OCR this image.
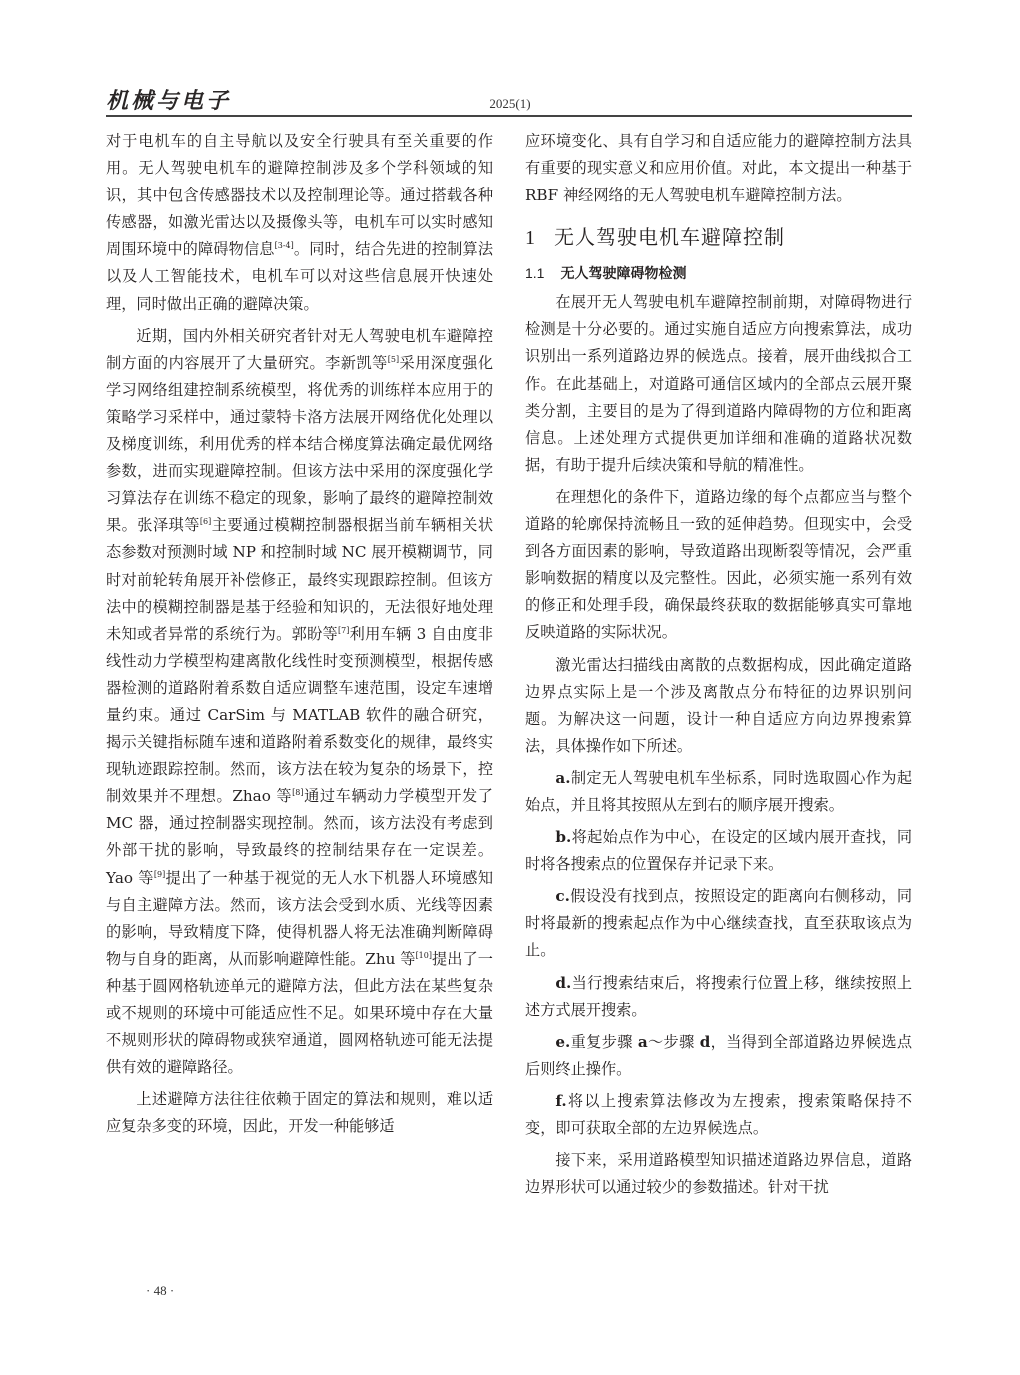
机械与电子	2025(1)

对于电机车的自主导航以及安全行驶具有至关重要的作用。无人驾驶电机车的避障控制涉及多个学科领域的知识，其中包含传感器技术以及控制理论等。通过搭载各种传感器，如激光雷达以及摄像头等，电机车可以实时感知周围环境中的障碍物信息[3-4]。同时，结合先进的控制算法以及人工智能技术，电机车可以对这些信息展开快速处理，同时做出正确的避障决策。

近期，国内外相关研究者针对无人驾驶电机车避障控制方面的内容展开了大量研究。李新凯等[5]采用深度强化学习网络组建控制系统模型，将优秀的训练样本应用于的策略学习采样中，通过蒙特卡洛方法展开网络优化处理以及梯度训练，利用优秀的样本结合梯度算法确定最优网络参数，进而实现避障控制。但该方法中采用的深度强化学习算法存在训练不稳定的现象，影响了最终的避障控制效果。张泽琪等[6]主要通过模糊控制器根据当前车辆相关状态参数对预测时域 NP 和控制时域 NC 展开模糊调节，同时对前轮转角展开补偿修正，最终实现跟踪控制。但该方法中的模糊控制器是基于经验和知识的，无法很好地处理未知或者异常的系统行为。郭盼等[7]利用车辆 3 自由度非线性动力学模型构建离散化线性时变预测模型，根据传感器检测的道路附着系数自适应调整车速范围，设定车速增量约束。通过 CarSim 与 MATLAB 软件的融合研究，揭示关键指标随车速和道路附着系数变化的规律，最终实现轨迹跟踪控制。然而，该方法在较为复杂的场景下，控制效果并不理想。Zhao 等[8]通过车辆动力学模型开发了 MC 器，通过控制器实现控制。然而，该方法没有考虑到外部干扰的影响，导致最终的控制结果存在一定误差。Yao 等[9]提出了一种基于视觉的无人水下机器人环境感知与自主避障方法。然而，该方法会受到水质、光线等因素的影响，导致精度下降，使得机器人将无法准确判断障碍物与自身的距离，从而影响避障性能。Zhu 等[10]提出了一种基于圆网格轨迹单元的避障方法，但此方法在某些复杂或不规则的环境中可能适应性不足。如果环境中存在大量不规则形状的障碍物或狭窄通道，圆网格轨迹可能无法提供有效的避障路径。

上述避障方法往往依赖于固定的算法和规则，难以适应复杂多变的环境，因此，开发一种能够适

应环境变化、具有自学习和自适应能力的避障控制方法具有重要的现实意义和应用价值。对此，本文提出一种基于 RBF 神经网络的无人驾驶电机车避障控制方法。

1 无人驾驶电机车避障控制
1.1 无人驾驶障碍物检测

在展开无人驾驶电机车避障控制前期，对障碍物进行检测是十分必要的。通过实施自适应方向搜索算法，成功识别出一系列道路边界的候选点。接着，展开曲线拟合工作。在此基础上，对道路可通信区域内的全部点云展开聚类分割，主要目的是为了得到道路内障碍物的方位和距离信息。上述处理方式提供更加详细和准确的道路状况数据，有助于提升后续决策和导航的精准性。

在理想化的条件下，道路边缘的每个点都应当与整个道路的轮廓保持流畅且一致的延伸趋势。但现实中，会受到各方面因素的影响，导致道路出现断裂等情况，会严重影响数据的精度以及完整性。因此，必须实施一系列有效的修正和处理手段，确保最终获取的数据能够真实可靠地反映道路的实际状况。

激光雷达扫描线由离散的点数据构成，因此确定道路边界点实际上是一个涉及离散点分布特征的边界识别问题。为解决这一问题，设计一种自适应方向边界搜索算法，具体操作如下所述。

a.制定无人驾驶电机车坐标系，同时选取圆心作为起始点，并且将其按照从左到右的顺序展开搜索。

b.将起始点作为中心，在设定的区域内展开查找，同时将各搜索点的位置保存并记录下来。

c.假设没有找到点，按照设定的距离向右侧移动，同时将最新的搜索起点作为中心继续查找，直至获取该点为止。

d.当行搜索结束后，将搜索行位置上移，继续按照上述方式展开搜索。

e.重复步骤 a～步骤 d，当得到全部道路边界候选点后则终止操作。

f.将以上搜索算法修改为左搜索，搜索策略保持不变，即可获取全部的左边界候选点。

接下来，采用道路模型知识描述道路边界信息，道路边界形状可以通过较少的参数描述。针对干扰

· 48 ·
